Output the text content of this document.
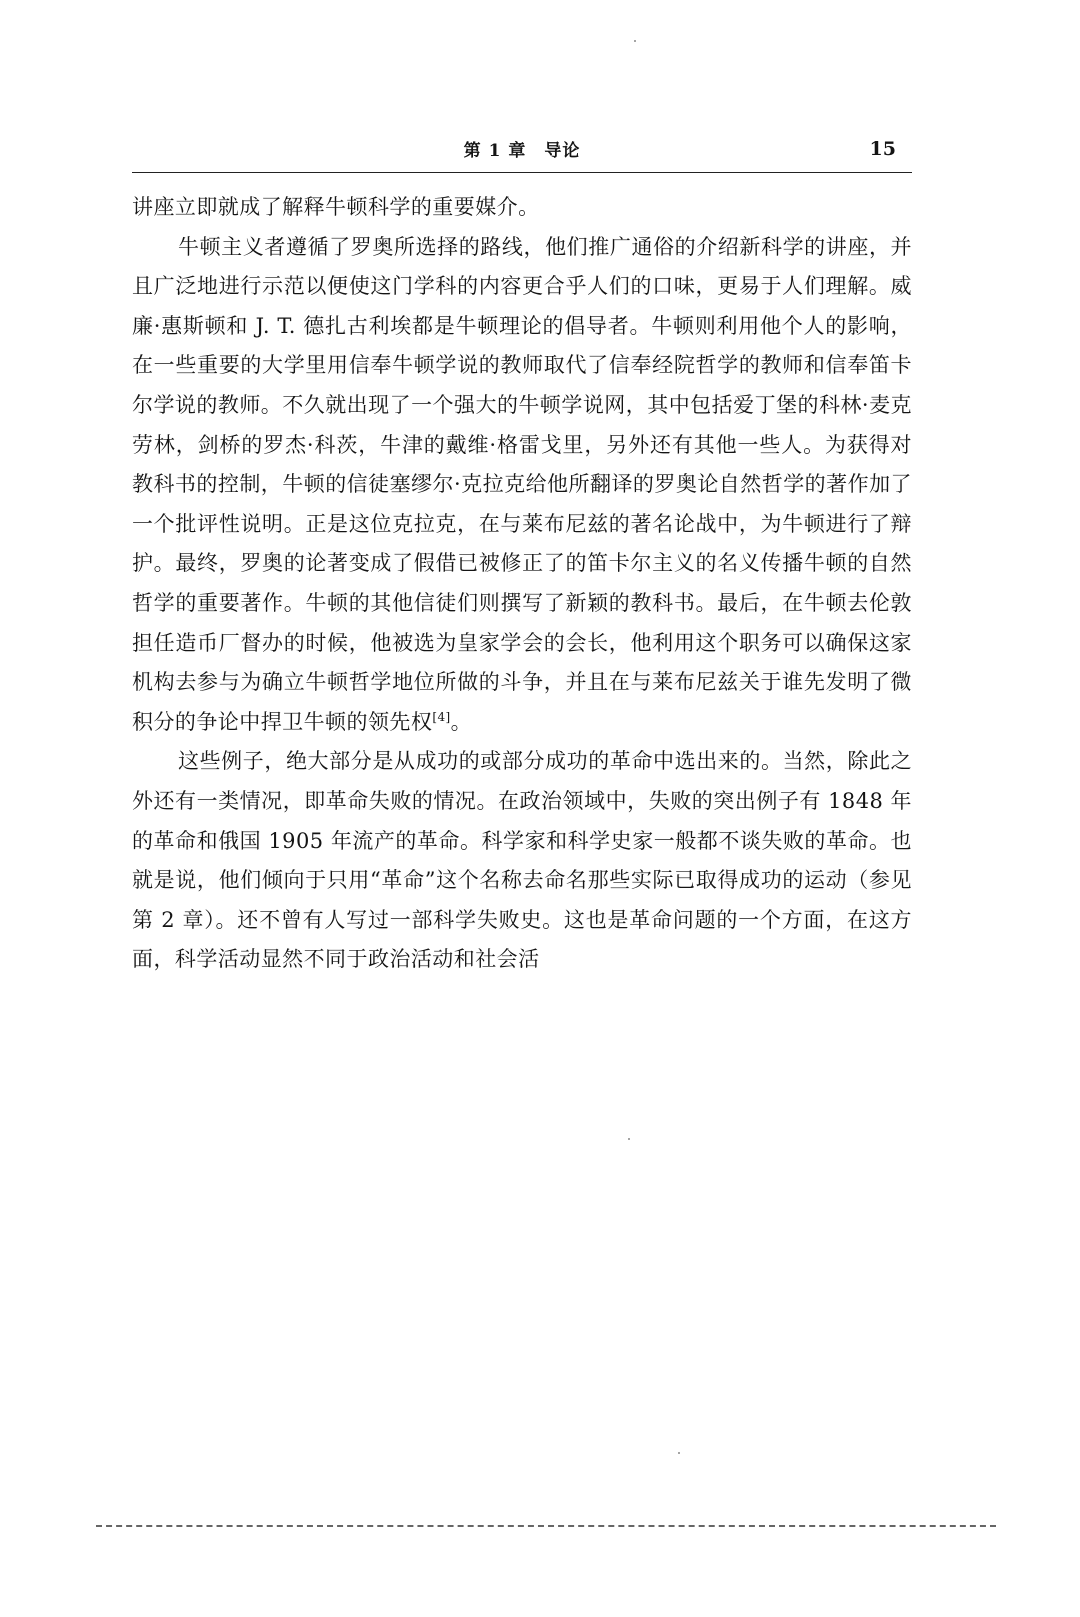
第 1 章　导论	15

讲座立即就成了解释牛顿科学的重要媒介。

牛顿主义者遵循了罗奥所选择的路线，他们推广通俗的介绍新科学的讲座，并且广泛地进行示范以便使这门学科的内容更合乎人们的口味，更易于人们理解。威廉·惠斯顿和 J. T. 德扎古利埃都是牛顿理论的倡导者。牛顿则利用他个人的影响，在一些重要的大学里用信奉牛顿学说的教师取代了信奉经院哲学的教师和信奉笛卡尔学说的教师。不久就出现了一个强大的牛顿学说网，其中包括爱丁堡的科林·麦克劳林，剑桥的罗杰·科茨，牛津的戴维·格雷戈里，另外还有其他一些人。为获得对教科书的控制，牛顿的信徒塞缪尔·克拉克给他所翻译的罗奥论自然哲学的著作加了一个批评性说明。正是这位克拉克，在与莱布尼兹的著名论战中，为牛顿进行了辩护。最终，罗奥的论著变成了假借已被修正了的笛卡尔主义的名义传播牛顿的自然哲学的重要著作。牛顿的其他信徒们则撰写了新颖的教科书。最后，在牛顿去伦敦担任造币厂督办的时候，他被选为皇家学会的会长，他利用这个职务可以确保这家机构去参与为确立牛顿哲学地位所做的斗争，并且在与莱布尼兹关于谁先发明了微积分的争论中捍卫牛顿的领先权[4]。

这些例子，绝大部分是从成功的或部分成功的革命中选出来的。当然，除此之外还有一类情况，即革命失败的情况。在政治领域中，失败的突出例子有 1848 年的革命和俄国 1905 年流产的革命。科学家和科学史家一般都不谈失败的革命。也就是说，他们倾向于只用“革命”这个名称去命名那些实际已取得成功的运动（参见第 2 章）。还不曾有人写过一部科学失败史。这也是革命问题的一个方面，在这方面，科学活动显然不同于政治活动和社会活
